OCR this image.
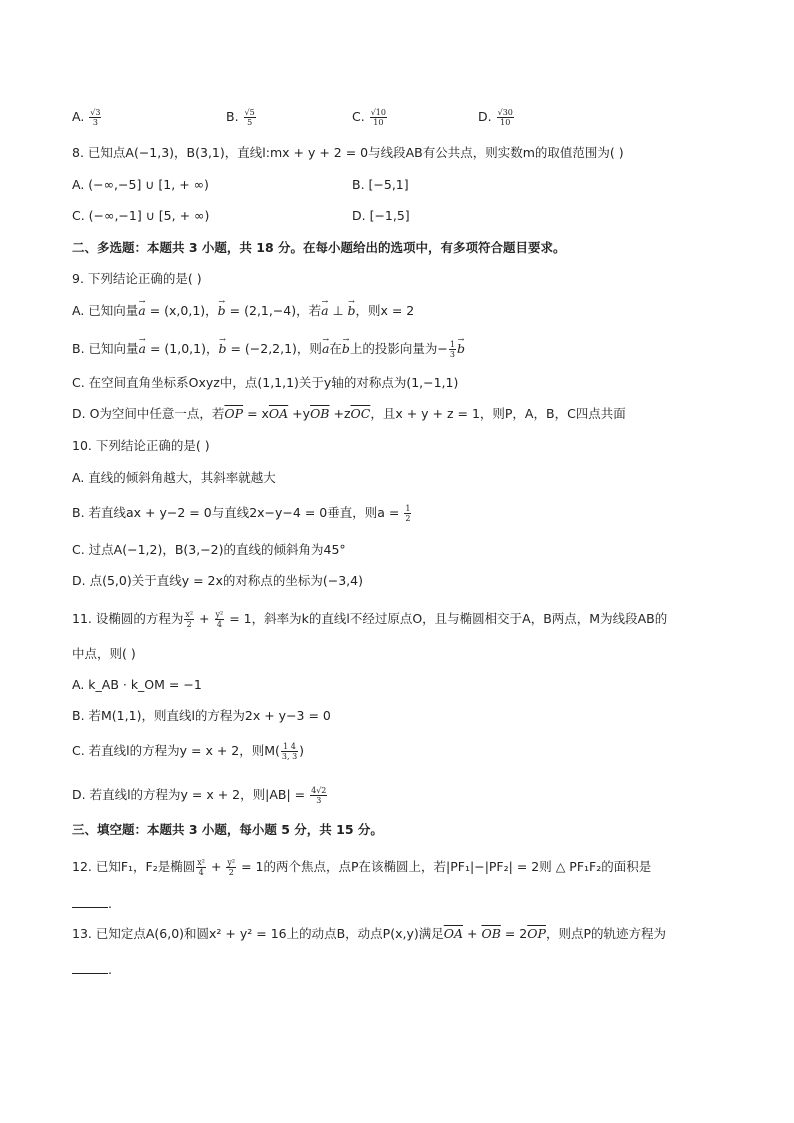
A. $\frac{√3}{3}$	B. $\frac{√5}{5}$	C. $\frac{√10}{10}$	D. $\frac{√30}{10}$
8. 已知点A(−1,3)，B(3,1)，直线l:mx + y + 2 = 0与线段AB有公共点，则实数m的取值范围为( )
A. (−∞,−5] ∪ [1, + ∞)	B. [−5,1]
C. (−∞,−1] ∪ [5, + ∞)	D. [−1,5]
二、多选题：本题共 3 小题，共 18 分。在每小题给出的选项中，有多项符合题目要求。
9. 下列结论正确的是( )
A. 已知向量→ a = (x,0,1)，→ b = (2,1,−4)，若→ a ⊥ → b，则x = 2
B. 已知向量→ a = (1,0,1)，→ b = (−2,2,1)，则→ a在→ b上的投影向量为− $\frac{1}{3} \to b$
C. 在空间直角坐标系Oxyz中，点(1,1,1)关于y轴的对称点为(1,−1,1)
D. O为空间中任意一点，若$\overline{OP} = x\overline{OA} +y\overline{OB} +z\overline{OC}$，且x + y + z = 1，则P，A，B，C四点共面
10. 下列结论正确的是( )
A. 直线的倾斜角越大，其斜率就越大
B. 若直线ax + y−2 = 0与直线2x−y−4 = 0垂直，则$a = \frac{1}{2}$
C. 过点A(−1,2)，B(3,−2)的直线的倾斜角为45°
D. 点(5,0)关于直线y = 2x的对称点的坐标为(−3,4)
11. 设椭圆的方程为 $\frac{\text{x²}}{2} + \frac{\text{y²}}{4} = 1$，斜率为k的直线l不经过原点O，且与椭圆相交于A，B两点，M为线段AB的
中点，则( )
A. k_AB · k_OM = −1
B. 若M(1,1)，则直线l的方程为2x + y−3 = 0
C. 若直线l的方程为y = x + 2，则$M( \frac{1 4}{3, 3}$ )
D. 若直线l的方程为y = x + 2，则$|AB| = \frac{4√2}{3}$
三、填空题：本题共 3 小题，每小题 5 分，共 15 分。
12. 已知F₁，F₂是椭圆 $\frac{\text{x²}}{4} + \frac{\text{y²}}{2} = 1$的两个焦点，点P在该椭圆上，若|PF₁|−|PF₂| = 2则 △ PF₁F₂的面积是
.
13. 已知定点A(6,0)和圆x² + y² = 16上的动点B，动点P(x,y)满足$\overline{OA} + \overline{OB} = 2\overline{OP}$，则点P的轨迹方程为
.
